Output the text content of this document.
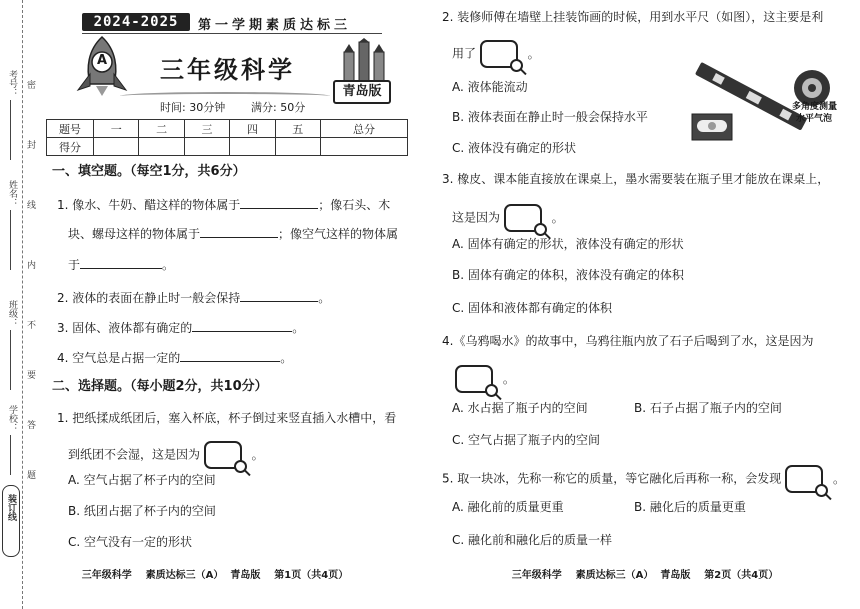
考号：
姓名：
班级：
学校：
密
封
线
内
不
要
答
题
装订线
2024-2025	第一学期素质达标三
A 三年级科学
青岛版
时间: 30分钟 满分: 50分
题号	一	二	三	四	五	总分
得分						
一、填空题。（每空1分，共6分）
1. 像水、牛奶、醋这样的物体属于	；像石头、木
块、螺母这样的物体属于	；像空气这样的物体属
于	。
2. 液体的表面在静止时一般会保持	。
3. 固体、液体都有确定的	。
4. 空气总是占据一定的	。
二、选择题。（每小题2分，共10分）
1. 把纸揉成纸团后，塞入杯底，杯子倒过来竖直插入水槽中，看
到纸团不会湿，这是因为	。
A. 空气占据了杯子内的空间
B. 纸团占据了杯子内的空间
C. 空气没有一定的形状
三年级科学    素质达标三（A）  青岛版    第1页（共4页）
2. 装修师傅在墙壁上挂装饰画的时候，用到水平尺（如图），这主要是利
用了	。
A. 液体能流动
B. 液体表面在静止时一般会保持水平
C. 液体没有确定的形状
多角度测量
水平气泡
3. 橡皮、课本能直接放在课桌上，墨水需要装在瓶子里才能放在课桌上，
这是因为	。
A. 固体有确定的形状，液体没有确定的形状
B. 固体有确定的体积，液体没有确定的体积
C. 固体和液体都有确定的体积
4.《乌鸦喝水》的故事中，乌鸦往瓶内放了石子后喝到了水，这是因为
。
A. 水占据了瓶子内的空间	B. 石子占据了瓶子内的空间
C. 空气占据了瓶子内的空间
5. 取一块冰，先称一称它的质量，等它融化后再称一称，会发现	。
A. 融化前的质量更重	B. 融化后的质量更重
C. 融化前和融化后的质量一样
三年级科学    素质达标三（A）  青岛版    第2页（共4页）
